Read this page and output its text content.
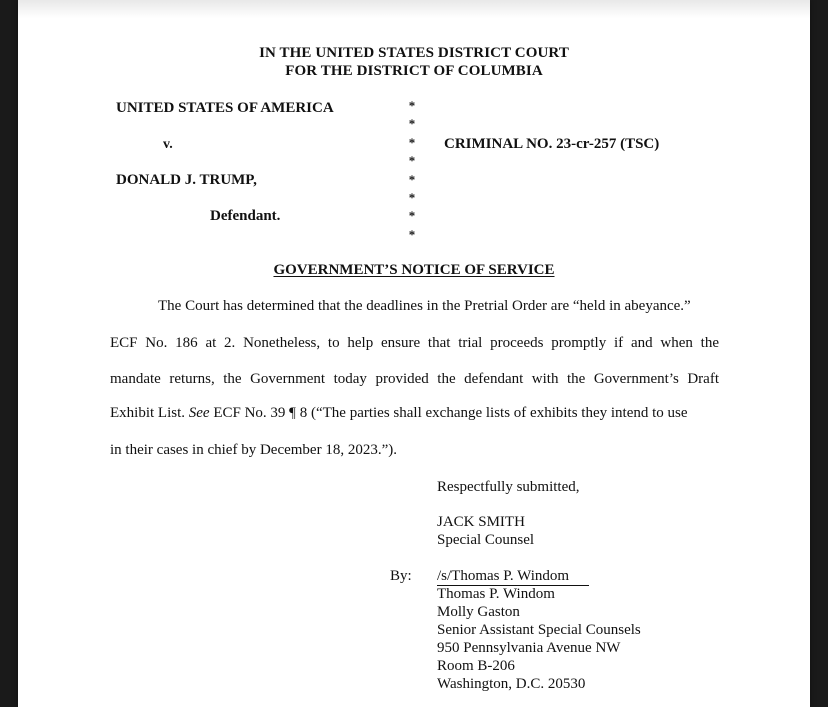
IN THE UNITED STATES DISTRICT COURT
FOR THE DISTRICT OF COLUMBIA
UNITED STATES OF AMERICA
v.
DONALD J. TRUMP,
Defendant.
*
*
*
*
*
*
*
*
CRIMINAL NO. 23-cr-257 (TSC)
GOVERNMENT’S NOTICE OF SERVICE
The Court has determined that the deadlines in the Pretrial Order are “held in abeyance.”
ECF No. 186 at 2. Nonetheless, to help ensure that trial proceeds promptly if and when the
mandate returns, the Government today provided the defendant with the Government’s Draft
Exhibit List. See ECF No. 39 ¶ 8 (“The parties shall exchange lists of exhibits they intend to use
in their cases in chief by December 18, 2023.”).
Respectfully submitted,
JACK SMITH
Special Counsel
By: /s/Thomas P. Windom
Thomas P. Windom
Molly Gaston
Senior Assistant Special Counsels
950 Pennsylvania Avenue NW
Room B-206
Washington, D.C. 20530
